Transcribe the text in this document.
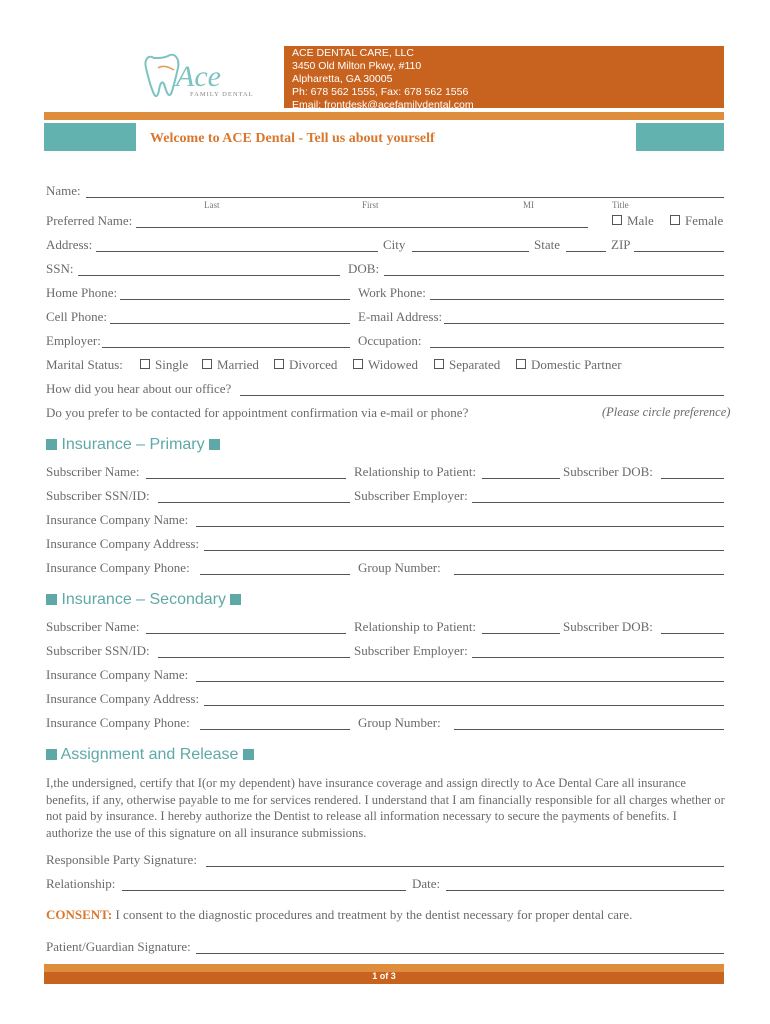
Ace
FAMILY DENTAL
ACE DENTAL CARE, LLC
3450 Old Milton Pkwy, #110
Alpharetta, GA 30005
Ph: 678 562 1555, Fax: 678 562 1556
Email: frontdesk@acefamilydental.com
Welcome to ACE Dental - Tell us about yourself
Name:
Last	First	MI	Title
Preferred Name:	Male	Female
Address:	City	State	ZIP
SSN:	DOB:
Home Phone:	Work Phone:
Cell Phone:	E-mail Address:
Employer:	Occupation:
Marital Status:	Single	Married	Divorced	Widowed	Separated	Domestic Partner
How did you hear about our office?
Do you prefer to be contacted for appointment confirmation via e-mail or phone?	(Please circle preference)
Insurance – Primary
Subscriber Name:	Relationship to Patient:	Subscriber DOB:
Subscriber SSN/ID:	Subscriber Employer:
Insurance Company Name:
Insurance Company Address:
Insurance Company Phone:	Group Number:
Insurance – Secondary
Subscriber Name:	Relationship to Patient:	Subscriber DOB:
Subscriber SSN/ID:	Subscriber Employer:
Insurance Company Name:
Insurance Company Address:
Insurance Company Phone:	Group Number:
Assignment and Release
I,the undersigned, certify that I(or my dependent) have insurance coverage and assign directly to Ace Dental Care all insurance benefits, if any, otherwise payable to me for services rendered. I understand that I am financially responsible for all charges whether or not paid by insurance. I hereby authorize the Dentist to release all information necessary to secure the payments of benefits. I authorize the use of this signature on all insurance submissions.
Responsible Party Signature:
Relationship:	Date:
CONSENT: I consent to the diagnostic procedures and treatment by the dentist necessary for proper dental care.
Patient/Guardian Signature:
1 of 3
